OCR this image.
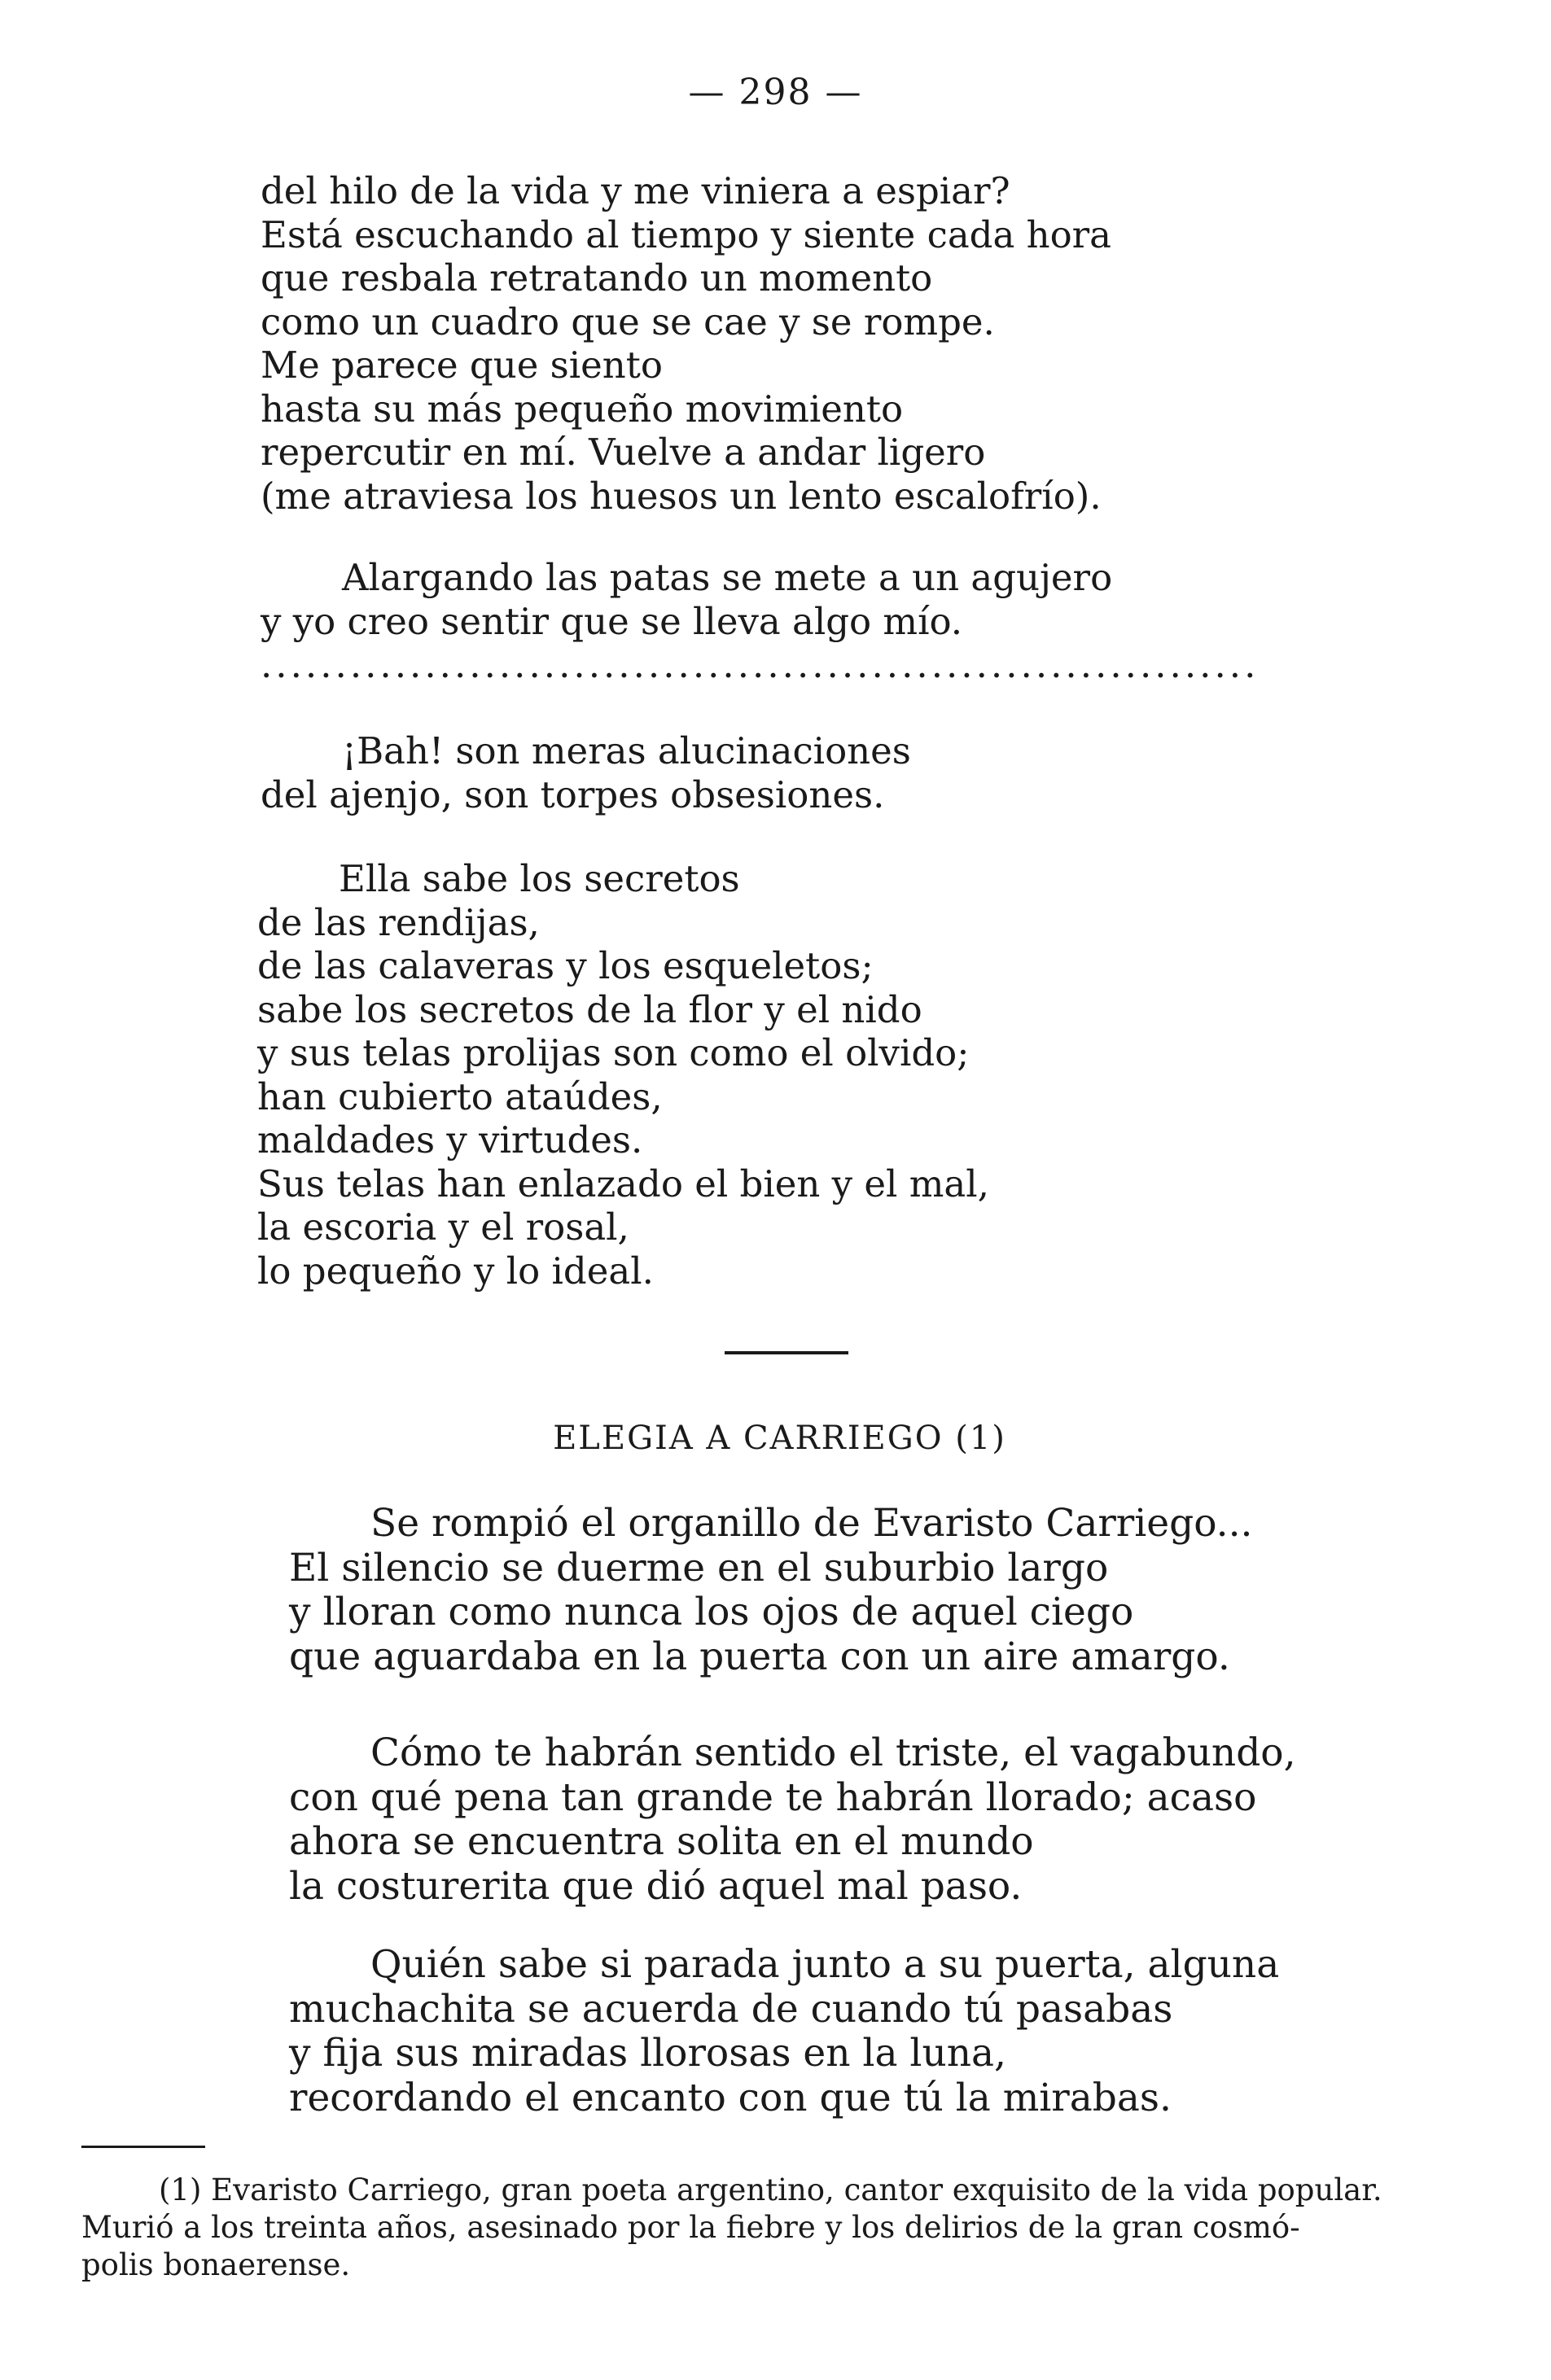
— 298 —
del hilo de la vida y me viniera a espiar?
Está escuchando al tiempo y siente cada hora
que resbala retratando un momento
como un cuadro que se cae y se rompe.
Me parece que siento
hasta su más pequeño movimiento
repercutir en mí. Vuelve a andar ligero
(me atraviesa los huesos un lento escalofrío).
Alargando las patas se mete a un agujero
y yo creo sentir que se lleva algo mío.
...................................................................
¡Bah! son meras alucinaciones
del ajenjo, son torpes obsesiones.
Ella sabe los secretos
de las rendijas,
de las calaveras y los esqueletos;
sabe los secretos de la flor y el nido
y sus telas prolijas son como el olvido;
han cubierto ataúdes,
maldades y virtudes.
Sus telas han enlazado el bien y el mal,
la escoria y el rosal,
lo pequeño y lo ideal.
ELEGIA A CARRIEGO (1)
Se rompió el organillo de Evaristo Carriego...
El silencio se duerme en el suburbio largo
y lloran como nunca los ojos de aquel ciego
que aguardaba en la puerta con un aire amargo.
Cómo te habrán sentido el triste, el vagabundo,
con qué pena tan grande te habrán llorado; acaso
ahora se encuentra solita en el mundo
la costurerita que dió aquel mal paso.
Quién sabe si parada junto a su puerta, alguna
muchachita se acuerda de cuando tú pasabas
y fija sus miradas llorosas en la luna,
recordando el encanto con que tú la mirabas.
(1) Evaristo Carriego, gran poeta argentino, cantor exquisito de la vida popular.
Murió a los treinta años, asesinado por la fiebre y los delirios de la gran cosmó-
polis bonaerense.
